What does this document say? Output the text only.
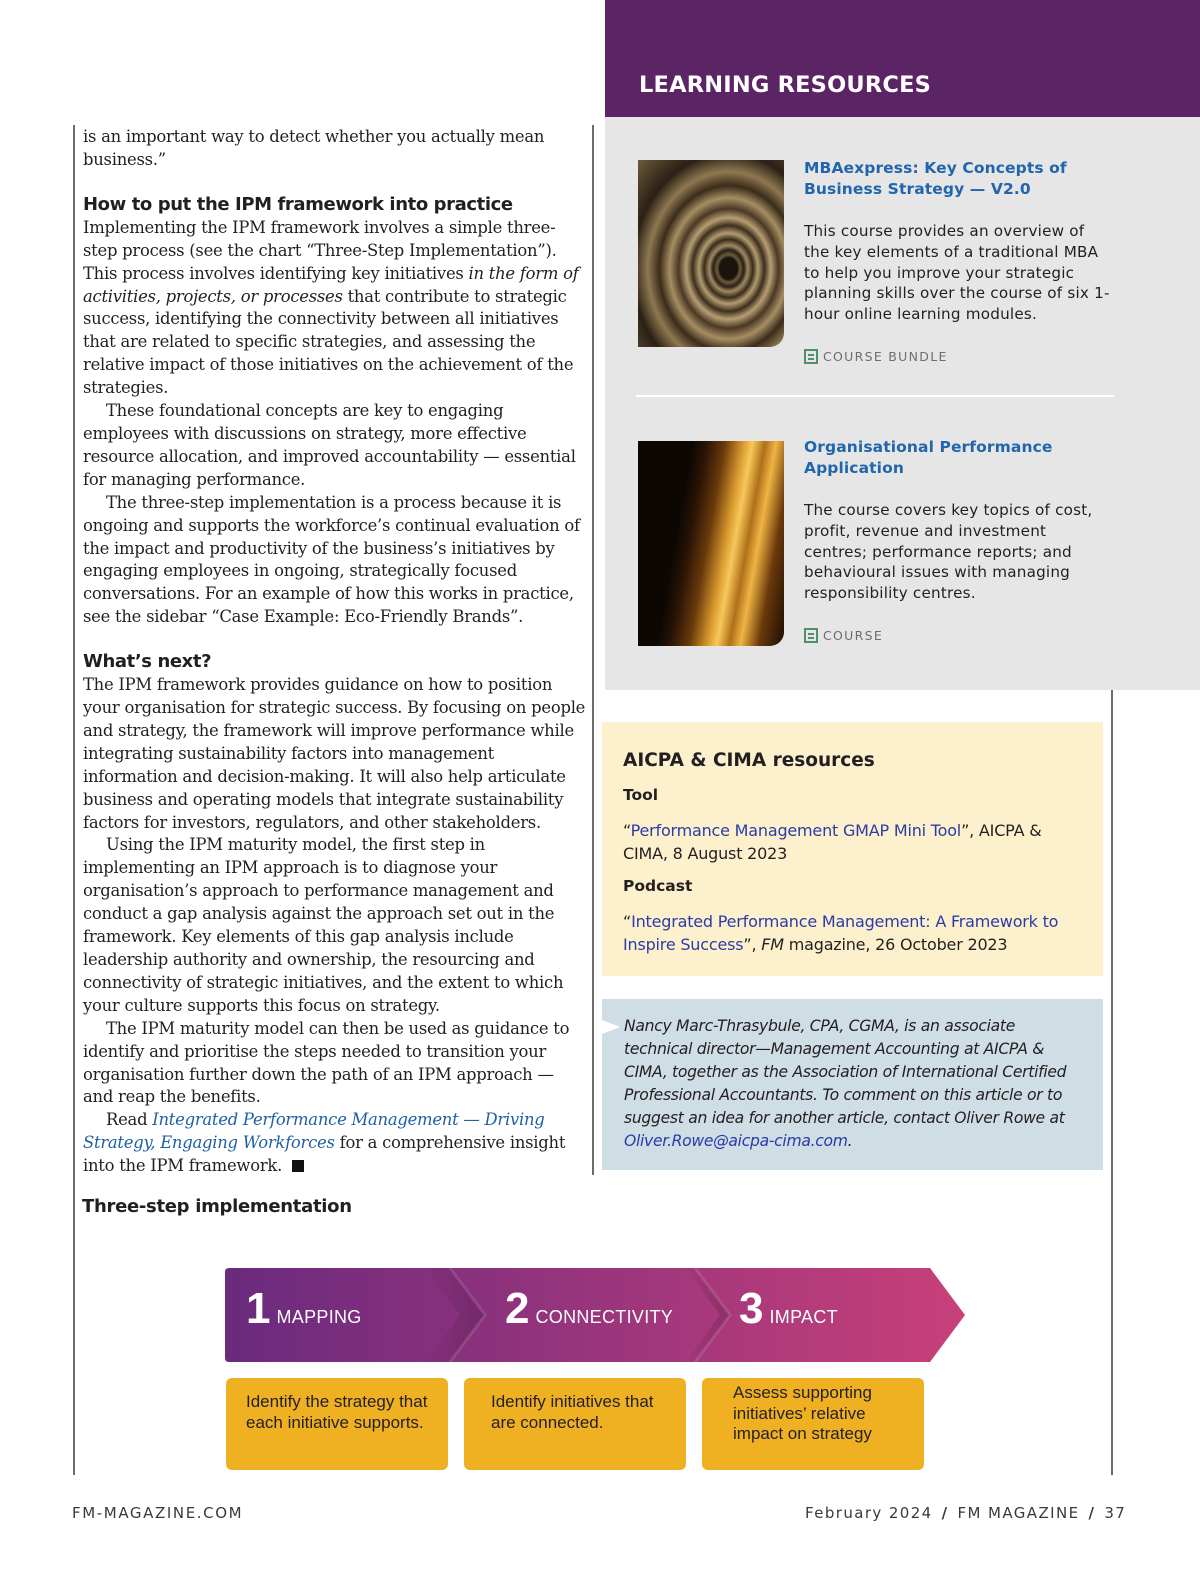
is an important way to detect whether you actually mean business.”

How to put the IPM framework into practice

Implementing the IPM framework involves a simple three-step process (see the chart “Three-Step Implementation”). This process involves identifying key initiatives in the form of activities, projects, or processes that contribute to strategic success, identifying the connectivity between all initiatives that are related to specific strategies, and assessing the relative impact of those initiatives on the achievement of the strategies.

These foundational concepts are key to engaging employees with discussions on strategy, more effective resource allocation, and improved accountability — essential for managing performance.

The three-step implementation is a process because it is ongoing and supports the workforce’s continual evaluation of the impact and productivity of the business’s initiatives by engaging employees in ongoing, strategically focused conversations. For an example of how this works in practice, see the sidebar “Case Example: Eco-Friendly Brands”.

What’s next?

The IPM framework provides guidance on how to position your organisation for strategic success. By focusing on people and strategy, the framework will improve performance while integrating sustainability factors into management information and decision-making. It will also help articulate business and operating models that integrate sustainability factors for investors, regulators, and other stakeholders.

Using the IPM maturity model, the first step in implementing an IPM approach is to diagnose your organisation’s approach to performance management and conduct a gap analysis against the approach set out in the framework. Key elements of this gap analysis include leadership authority and ownership, the resourcing and connectivity of strategic initiatives, and the extent to which your culture supports this focus on strategy.

The IPM maturity model can then be used as guidance to identify and prioritise the steps needed to transition your organisation further down the path of an IPM approach — and reap the benefits.

Read Integrated Performance Management — Driving Strategy, Engaging Workforces for a comprehensive insight into the IPM framework.

LEARNING RESOURCES
MBAexpress: Key Concepts of Business Strategy — V2.0
This course provides an overview of the key elements of a traditional MBA to help you improve your strategic planning skills over the course of six 1-hour online learning modules.
COURSE BUNDLE
Organisational Performance Application
The course covers key topics of cost, profit, revenue and investment centres; performance reports; and behavioural issues with managing responsibility centres.
COURSE
AICPA & CIMA resources
Tool
“Performance Management GMAP Mini Tool”, AICPA & CIMA, 8 August 2023
Podcast
“Integrated Performance Management: A Framework to Inspire Success”, FM magazine, 26 October 2023
Nancy Marc-Thrasybule, CPA, CGMA, is an associate technical director—Management Accounting at AICPA & CIMA, together as the Association of International Certified Professional Accountants. To comment on this article or to suggest an idea for another article, contact Oliver Rowe at Oliver.Rowe@aicpa-cima.com.
Three-step implementation
1 MAPPING	2 CONNECTIVITY 3 IMPACT
Identify the strategy that each initiative supports.
Identify initiatives that are connected.
Assess supporting initiatives’ relative impact on strategy
FM-MAGAZINE.COM	February 2024 / FM MAGAZINE / 37
